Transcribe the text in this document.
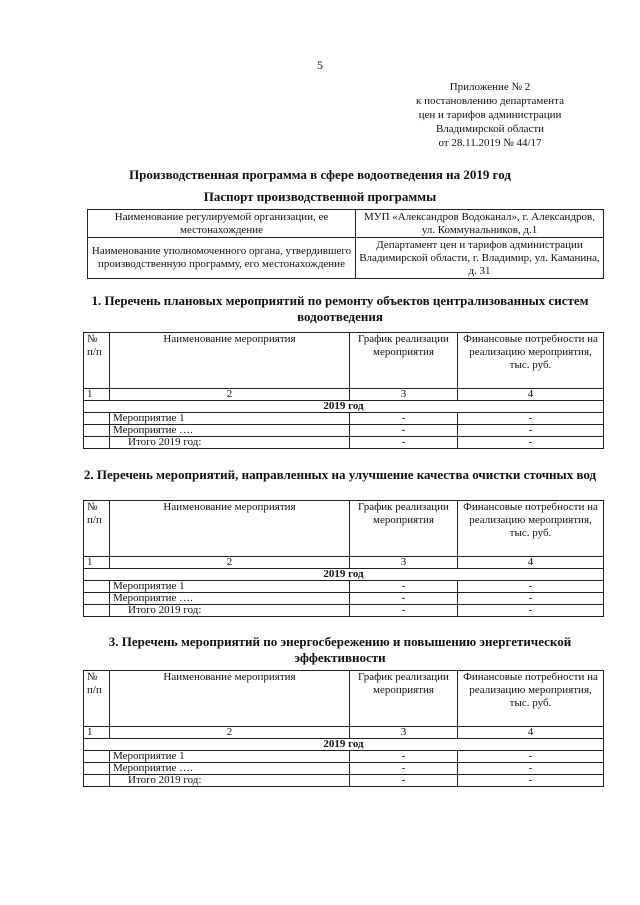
5
Приложение № 2
к постановлению департамента
цен и тарифов администрации
Владимирской области
от 28.11.2019 № 44/17
Производственная программа в сфере водоотведения на 2019 год
Паспорт производственной программы
Наименование регулируемой организации, ее местонахождение	МУП «Александров Водоканал», г. Александров, ул. Коммунальников, д.1
Наименование уполномоченного органа, утвердившего производственную программу, его местонахождение	Департамент цен и тарифов администрации Владимирской области, г. Владимир, ул. Каманина, д. 31
1. Перечень плановых мероприятий по ремонту объектов централизованных систем водоотведения
№ п/п	Наименование мероприятия	График реализации мероприятия	Финансовые потребности на реализацию мероприятия, тыс. руб.
1	2	3	4
2019 год			
	Мероприятие 1	-	-
	Мероприятие ….	-	-
	Итого 2019 год:	-	-
2. Перечень мероприятий, направленных на улучшение качества очистки сточных вод
№ п/п	Наименование мероприятия	График реализации мероприятия	Финансовые потребности на реализацию мероприятия, тыс. руб.
1	2	3	4
2019 год			
	Мероприятие 1	-	-
	Мероприятие ….	-	-
	Итого 2019 год:	-	-
3. Перечень мероприятий по энергосбережению и повышению энергетической эффективности
№ п/п	Наименование мероприятия	График реализации мероприятия	Финансовые потребности на реализацию мероприятия, тыс. руб.
1	2	3	4
2019 год			
	Мероприятие 1	-	-
	Мероприятие ….	-	-
	Итого 2019 год:	-	-
